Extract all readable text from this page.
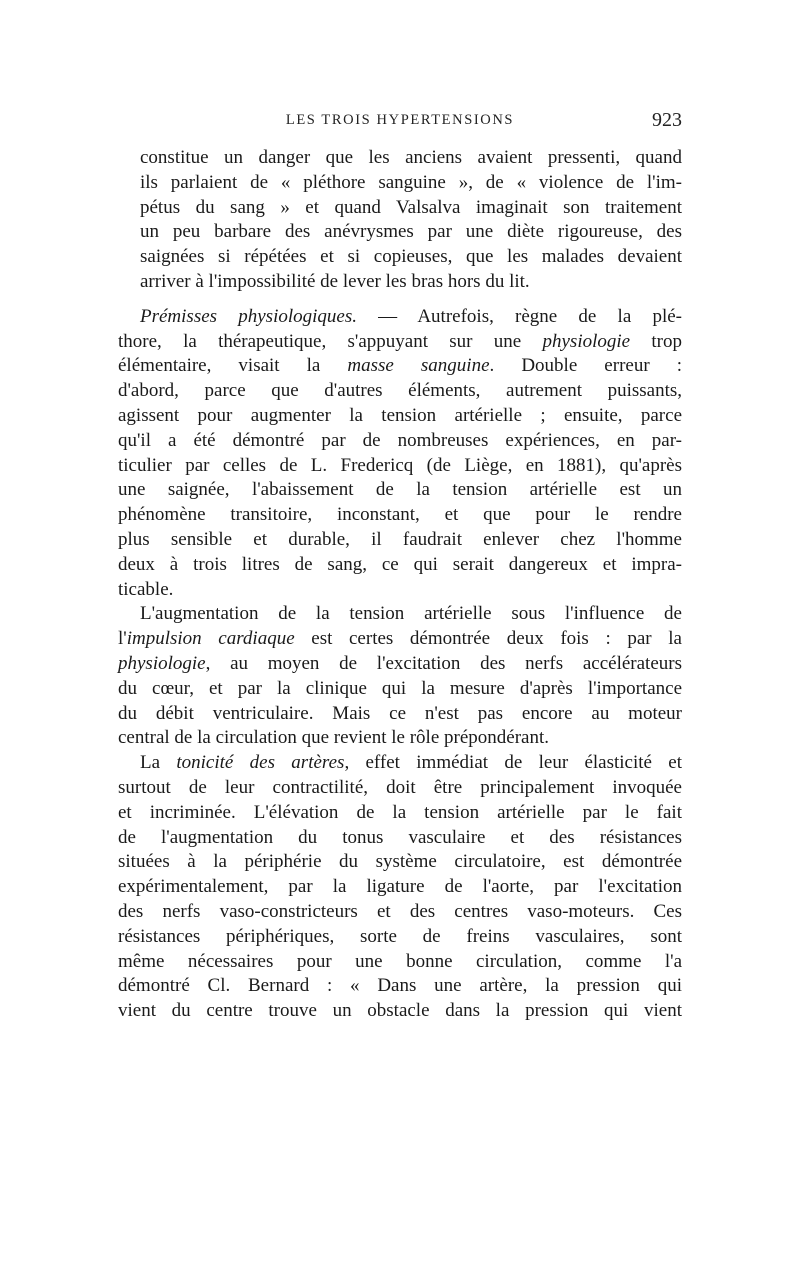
LES TROIS HYPERTENSIONS	923

constitue un danger que les anciens avaient pressenti, quand
ils parlaient de « pléthore sanguine », de « violence de l'im-
pétus du sang » et quand Valsalva imaginait son traitement
un peu barbare des anévrysmes par une diète rigoureuse, des
saignées si répétées et si copieuses, que les malades devaient
arriver à l'impossibilité de lever les bras hors du lit.

Prémisses physiologiques. — Autrefois, règne de la plé-
thore, la thérapeutique, s'appuyant sur une physiologie trop
élémentaire, visait la masse sanguine. Double erreur :
d'abord, parce que d'autres éléments, autrement puissants,
agissent pour augmenter la tension artérielle ; ensuite, parce
qu'il a été démontré par de nombreuses expériences, en par-
ticulier par celles de L. Fredericq (de Liège, en 1881), qu'après
une saignée, l'abaissement de la tension artérielle est un
phénomène transitoire, inconstant, et que pour le rendre
plus sensible et durable, il faudrait enlever chez l'homme
deux à trois litres de sang, ce qui serait dangereux et impra-
ticable.

L'augmentation de la tension artérielle sous l'influence de
l'impulsion cardiaque est certes démontrée deux fois : par la
physiologie, au moyen de l'excitation des nerfs accélérateurs
du cœur, et par la clinique qui la mesure d'après l'importance
du débit ventriculaire. Mais ce n'est pas encore au moteur
central de la circulation que revient le rôle prépondérant.

La tonicité des artères, effet immédiat de leur élasticité et
surtout de leur contractilité, doit être principalement invoquée
et incriminée. L'élévation de la tension artérielle par le fait
de l'augmentation du tonus vasculaire et des résistances
situées à la périphérie du système circulatoire, est démontrée
expérimentalement, par la ligature de l'aorte, par l'excitation
des nerfs vaso-constricteurs et des centres vaso-moteurs. Ces
résistances périphériques, sorte de freins vasculaires, sont
même nécessaires pour une bonne circulation, comme l'a
démontré Cl. Bernard : « Dans une artère, la pression qui
vient du centre trouve un obstacle dans la pression qui vient
